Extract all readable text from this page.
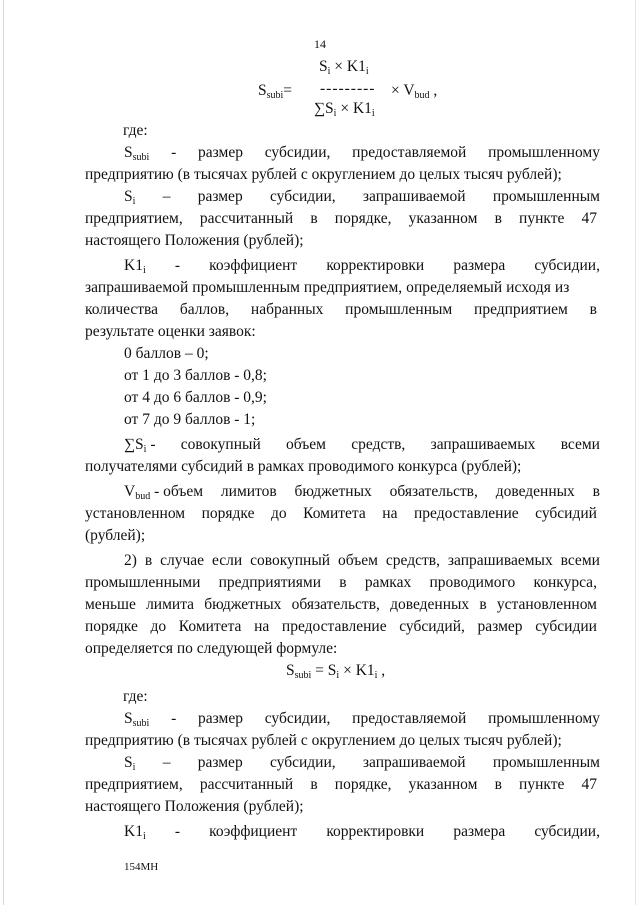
14
$S_{subi}=$
$S_i \times K1_i$
---------
$\sum S_i \times K1_i$
× $V_{bud}$ ,
где:
$S_{subi}$ - размер субсидии, предоставляемой промышленному
предприятию (в тысячах рублей с округлением до целых тысяч рублей);
$S_i$ – размер субсидии, запрашиваемой промышленным
предприятием, рассчитанный в порядке, указанном в пункте 47
настоящего Положения (рублей);
$K1_i$ - коэффициент корректировки размера субсидии,
запрашиваемой промышленным предприятием, определяемый исходя из
количества баллов, набранных промышленным предприятием в
результате оценки заявок:
0 баллов – 0;
от 1 до 3 баллов - 0,8;
от 4 до 6 баллов - 0,9;
от 7 до 9 баллов - 1;
$\sum S_i$ - совокупный объем средств, запрашиваемых всеми
получателями субсидий в рамках проводимого конкурса (рублей);
$V_{bud}$ - объем лимитов бюджетных обязательств, доведенных в
установленном порядке до Комитета на предоставление субсидий
(рублей);
2) в случае если совокупный объем средств, запрашиваемых всеми
промышленными предприятиями в рамках проводимого конкурса,
меньше лимита бюджетных обязательств, доведенных в установленном
порядке до Комитета на предоставление субсидий, размер субсидии
определяется по следующей формуле:
$S_{subi} = S_i \times K1_i$ ,
где:
$S_{subi}$ - размер субсидии, предоставляемой промышленному
предприятию (в тысячах рублей с округлением до целых тысяч рублей);
$S_i$ – размер субсидии, запрашиваемой промышленным
предприятием, рассчитанный в порядке, указанном в пункте 47
настоящего Положения (рублей);
$K1_i$ - коэффициент корректировки размера субсидии,
154МН
